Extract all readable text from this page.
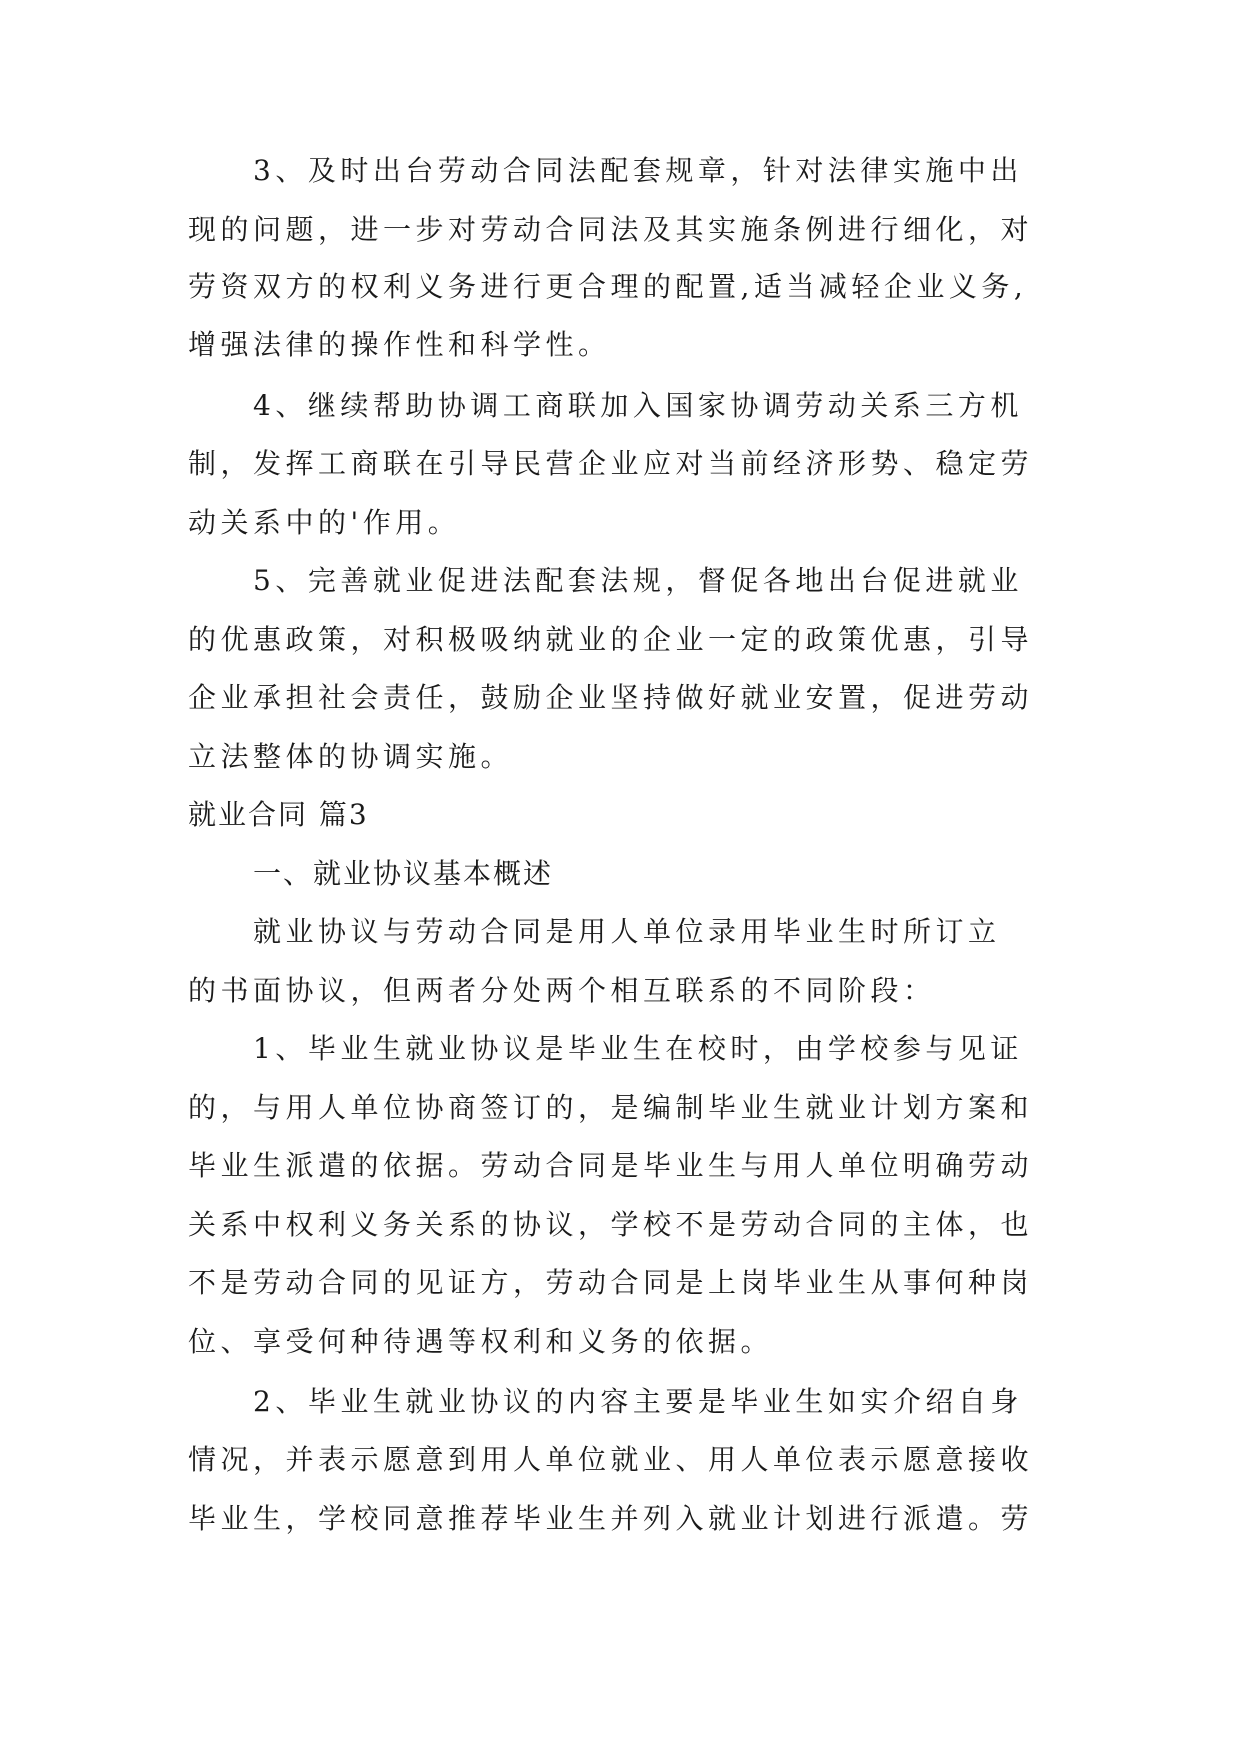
3、及时出台劳动合同法配套规章，针对法律实施中出
现的问题，进一步对劳动合同法及其实施条例进行细化，对
劳资双方的权利义务进行更合理的配置,适当减轻企业义务,
增强法律的操作性和科学性。
4、继续帮助协调工商联加入国家协调劳动关系三方机
制，发挥工商联在引导民营企业应对当前经济形势、稳定劳
动关系中的'作用。
5、完善就业促进法配套法规，督促各地出台促进就业
的优惠政策，对积极吸纳就业的企业一定的政策优惠，引导
企业承担社会责任，鼓励企业坚持做好就业安置，促进劳动
立法整体的协调实施。
就业合同 篇3
一、就业协议基本概述
就业协议与劳动合同是用人单位录用毕业生时所订立
的书面协议，但两者分处两个相互联系的不同阶段：
1、毕业生就业协议是毕业生在校时，由学校参与见证
的，与用人单位协商签订的，是编制毕业生就业计划方案和
毕业生派遣的依据。劳动合同是毕业生与用人单位明确劳动
关系中权利义务关系的协议，学校不是劳动合同的主体，也
不是劳动合同的见证方，劳动合同是上岗毕业生从事何种岗
位、享受何种待遇等权利和义务的依据。
2、毕业生就业协议的内容主要是毕业生如实介绍自身
情况，并表示愿意到用人单位就业、用人单位表示愿意接收
毕业生，学校同意推荐毕业生并列入就业计划进行派遣。劳
